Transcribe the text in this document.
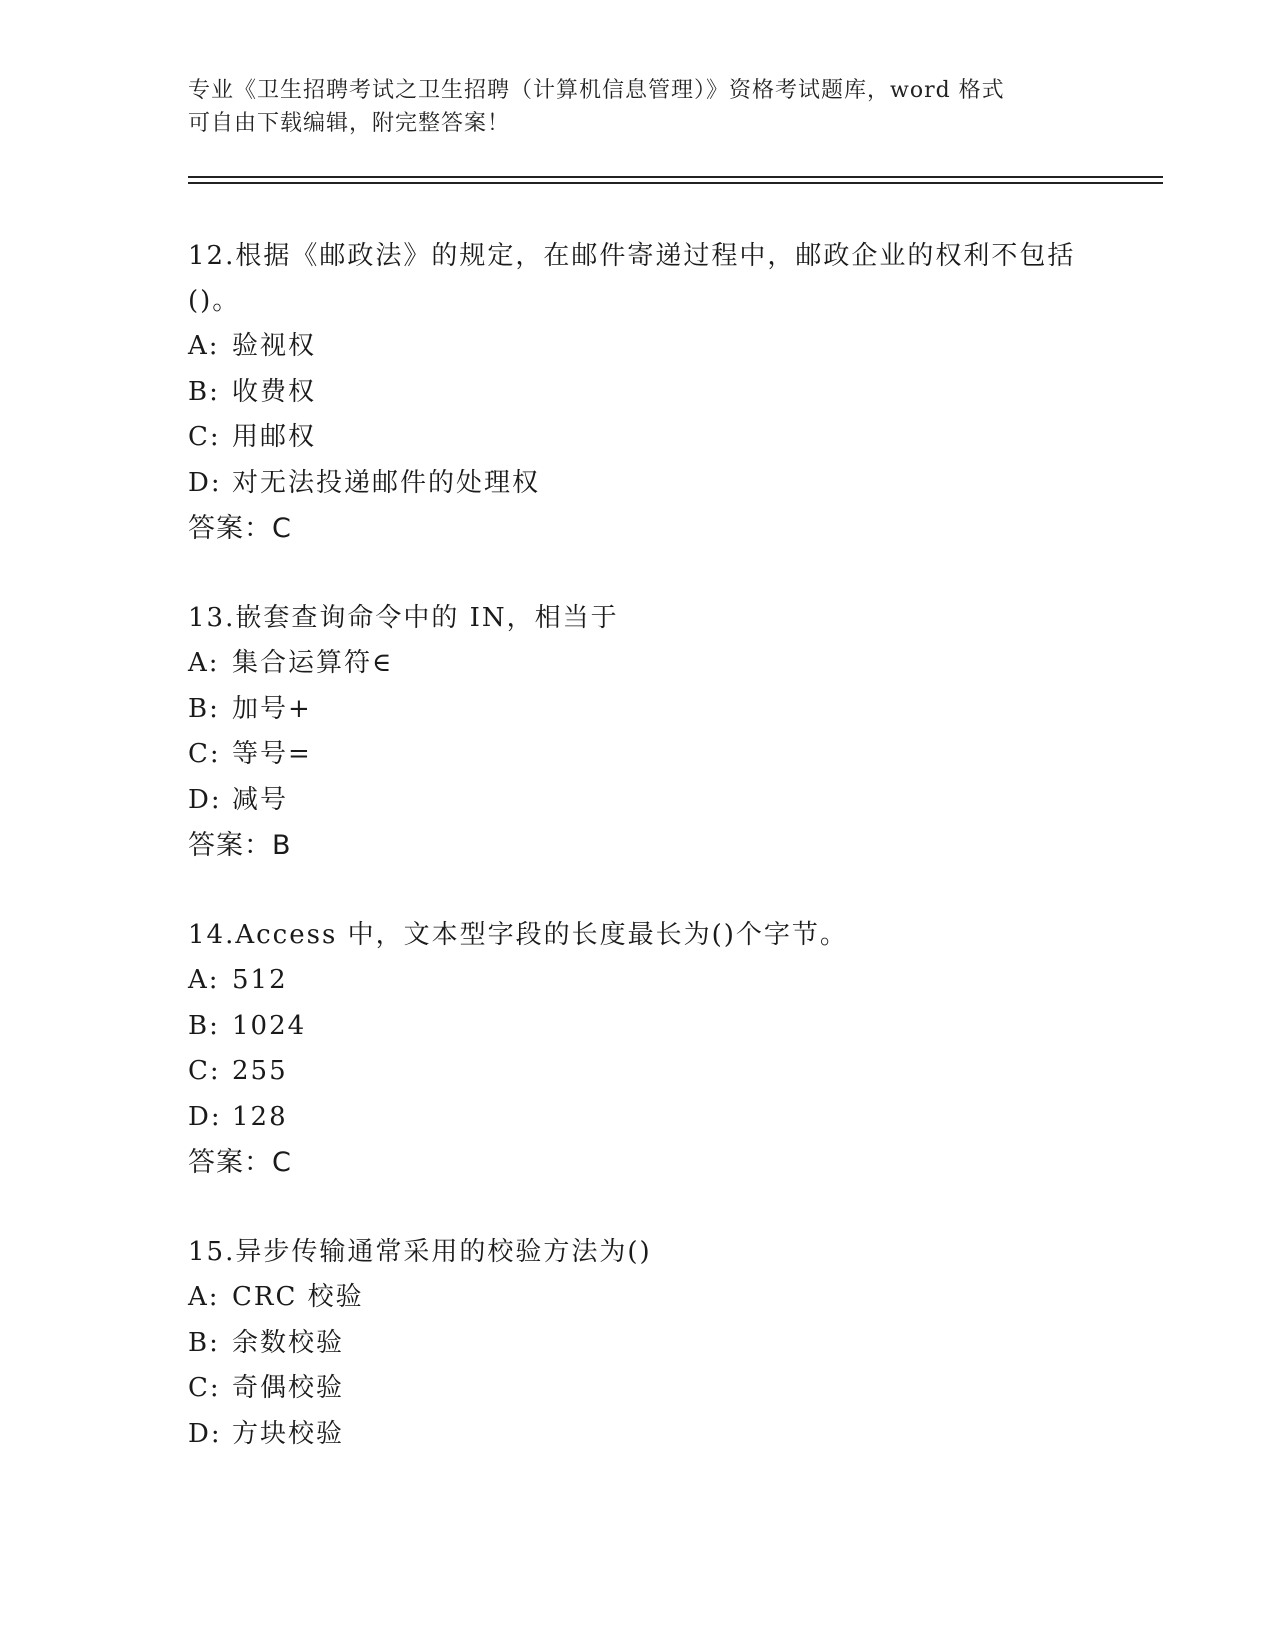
专业《卫生招聘考试之卫生招聘（计算机信息管理）》资格考试题库，word 格式
可自由下载编辑，附完整答案！

12.根据《邮政法》的规定，在邮件寄递过程中，邮政企业的权利不包括()。

A: 验视权

B: 收费权

C: 用邮权

D: 对无法投递邮件的处理权

答案：C

13.嵌套查询命令中的 IN，相当于

A: 集合运算符∈

B: 加号+

C: 等号=

D: 减号

答案：B

14.Access 中，文本型字段的长度最长为()个字节。

A: 512

B: 1024

C: 255

D: 128

答案：C

15.异步传输通常采用的校验方法为()

A: CRC 校验

B: 余数校验

C: 奇偶校验

D: 方块校验
